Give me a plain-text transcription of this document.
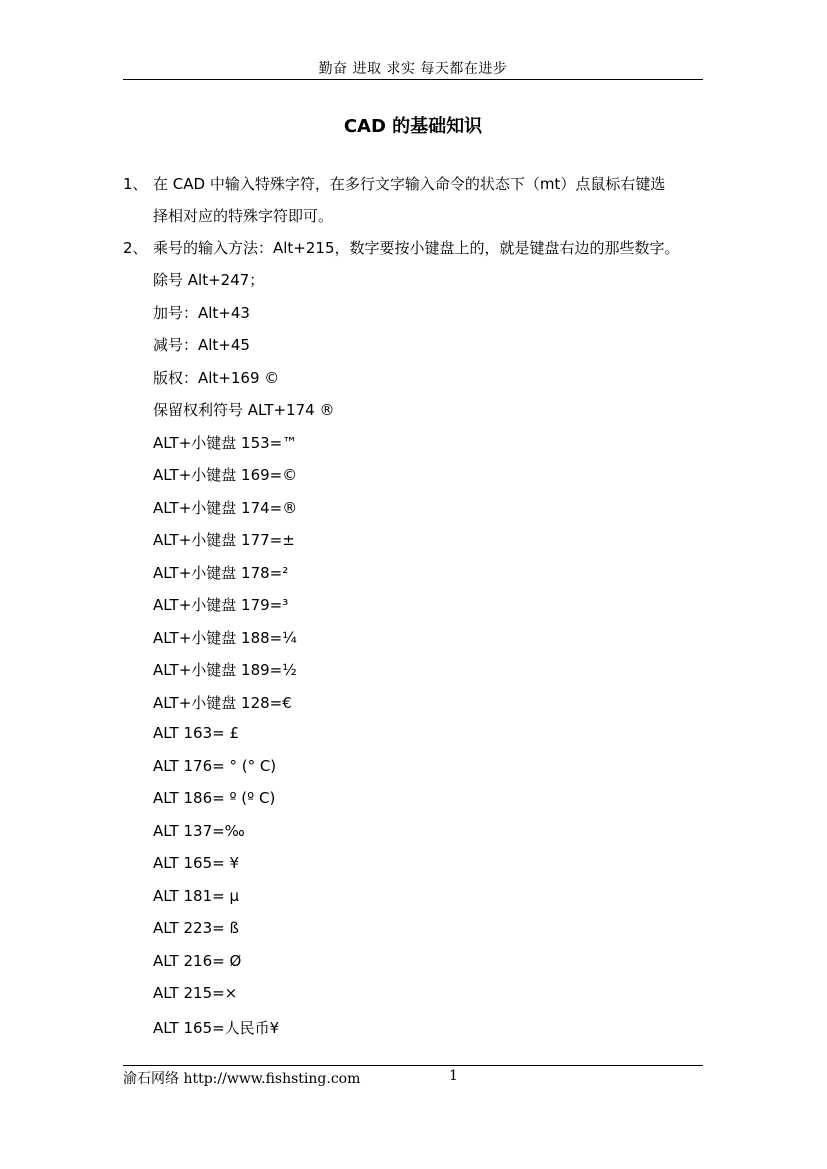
勤奋 进取 求实 每天都在进步
CAD 的基础知识
1、 在 CAD 中输入特殊字符，在多行文字输入命令的状态下（mt）点鼠标右键选
择相对应的特殊字符即可。
2、 乘号的输入方法：Alt+215，数字要按小键盘上的，就是键盘右边的那些数字。
除号 Alt+247；
加号：Alt+43
减号：Alt+45
版权：Alt+169 ©
保留权利符号 ALT+174 ®
ALT+小键盘 153=™
ALT+小键盘 169=©
ALT+小键盘 174=®
ALT+小键盘 177=±
ALT+小键盘 178=²
ALT+小键盘 179=³
ALT+小键盘 188=¼
ALT+小键盘 189=½
ALT+小键盘 128=€
ALT 163= £
ALT 176= ° (° C)
ALT 186= º (º C)
ALT 137=‰
ALT 165= ¥
ALT 181= µ
ALT 223= ß
ALT 216= Ø
ALT 215=×
ALT 165=人民币¥
渝石网络 http://www.fishsting.com	1
